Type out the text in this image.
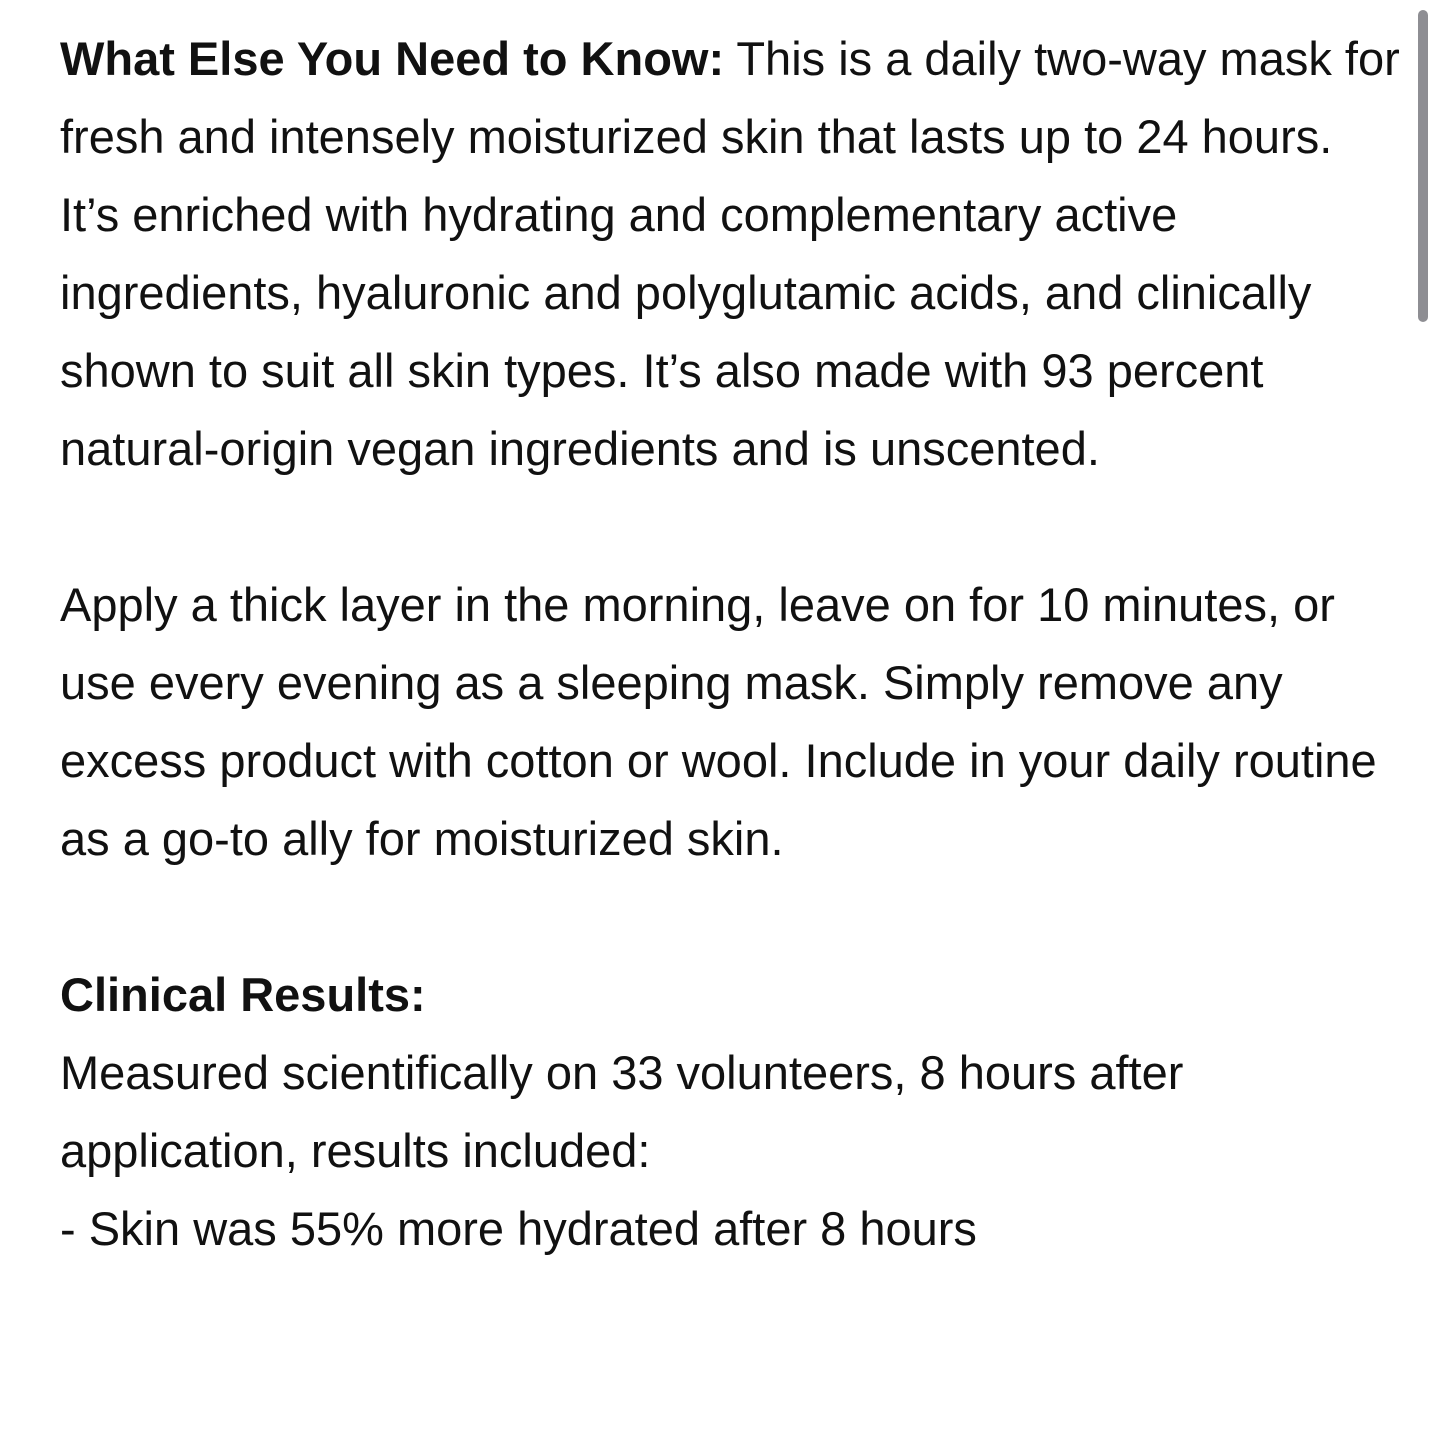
What Else You Need to Know: This is a daily two-way mask for fresh and intensely moisturized skin that lasts up to 24 hours. It’s enriched with hydrating and complementary active ingredients, hyaluronic and polyglutamic acids, and clinically shown to suit all skin types. It’s also made with 93 percent natural-origin vegan ingredients and is unscented.

Apply a thick layer in the morning, leave on for 10 minutes, or use every evening as a sleeping mask. Simply remove any excess product with cotton or wool. Include in your daily routine as a go-to ally for moisturized skin.

Clinical Results:

Measured scientifically on 33 volunteers, 8 hours after application, results included:

- Skin was 55% more hydrated after 8 hours
